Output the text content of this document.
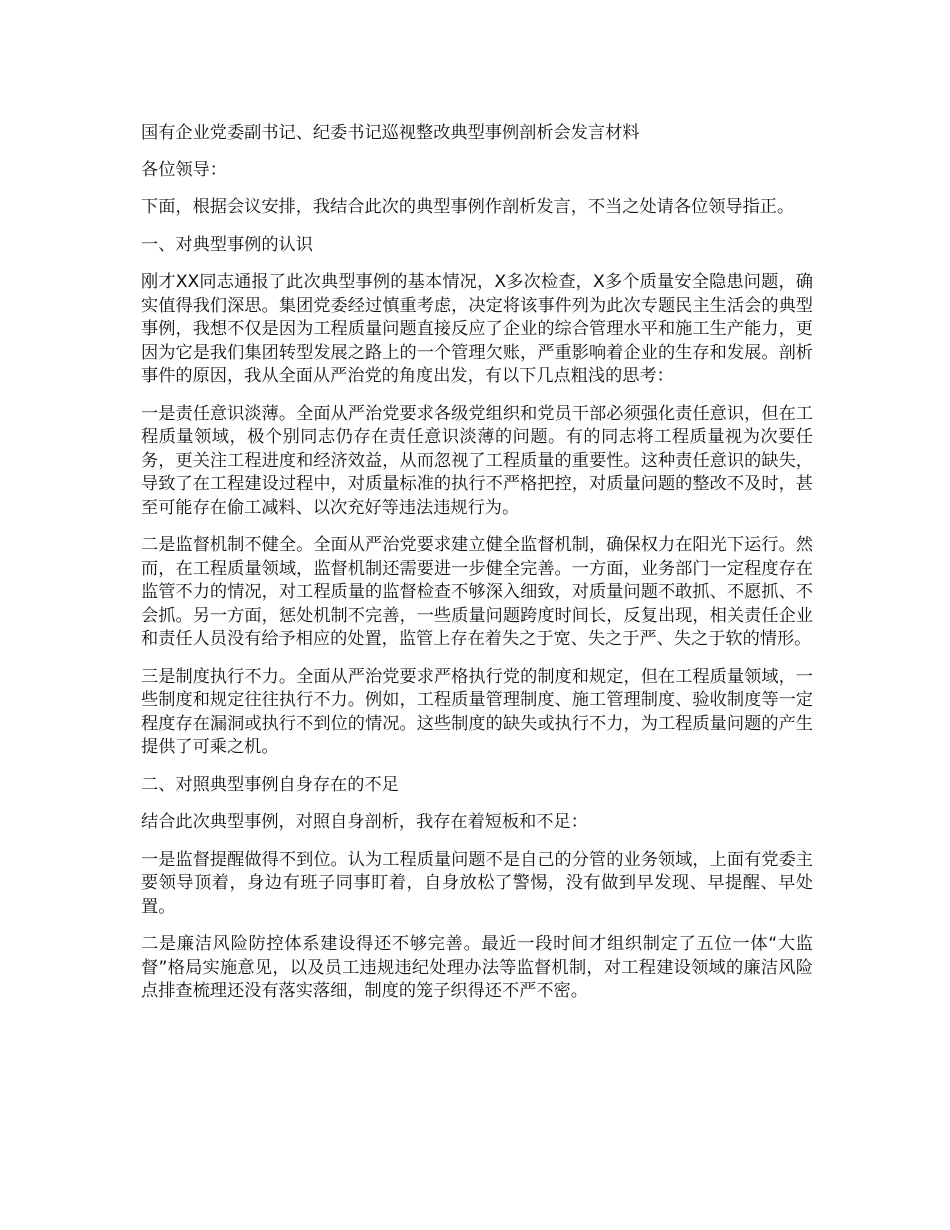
国有企业党委副书记、纪委书记巡视整改典型事例剖析会发言材料

各位领导：

下面，根据会议安排，我结合此次的典型事例作剖析发言，不当之处请各位领导指正。

一、对典型事例的认识

刚才XX同志通报了此次典型事例的基本情况，X多次检查，X多个质量安全隐患问题，确实值得我们深思。集团党委经过慎重考虑，决定将该事件列为此次专题民主生活会的典型事例，我想不仅是因为工程质量问题直接反应了企业的综合管理水平和施工生产能力，更因为它是我们集团转型发展之路上的一个管理欠账，严重影响着企业的生存和发展。剖析事件的原因，我从全面从严治党的角度出发，有以下几点粗浅的思考：

一是责任意识淡薄。全面从严治党要求各级党组织和党员干部必须强化责任意识，但在工程质量领域，极个别同志仍存在责任意识淡薄的问题。有的同志将工程质量视为次要任务，更关注工程进度和经济效益，从而忽视了工程质量的重要性。这种责任意识的缺失，导致了在工程建设过程中，对质量标准的执行不严格把控，对质量问题的整改不及时，甚至可能存在偷工减料、以次充好等违法违规行为。

二是监督机制不健全。全面从严治党要求建立健全监督机制，确保权力在阳光下运行。然而，在工程质量领域，监督机制还需要进一步健全完善。一方面，业务部门一定程度存在监管不力的情况，对工程质量的监督检查不够深入细致，对质量问题不敢抓、不愿抓、不会抓。另一方面，惩处机制不完善，一些质量问题跨度时间长，反复出现，相关责任企业和责任人员没有给予相应的处置，监管上存在着失之于宽、失之于严、失之于软的情形。

三是制度执行不力。全面从严治党要求严格执行党的制度和规定，但在工程质量领域，一些制度和规定往往执行不力。例如，工程质量管理制度、施工管理制度、验收制度等一定程度存在漏洞或执行不到位的情况。这些制度的缺失或执行不力，为工程质量问题的产生提供了可乘之机。

二、对照典型事例自身存在的不足

结合此次典型事例，对照自身剖析，我存在着短板和不足：

一是监督提醒做得不到位。认为工程质量问题不是自己的分管的业务领域，上面有党委主要领导顶着，身边有班子同事盯着，自身放松了警惕，没有做到早发现、早提醒、早处置。

二是廉洁风险防控体系建设得还不够完善。最近一段时间才组织制定了五位一体“大监督”格局实施意见，以及员工违规违纪处理办法等监督机制，对工程建设领域的廉洁风险点排查梳理还没有落实落细，制度的笼子织得还不严不密。
